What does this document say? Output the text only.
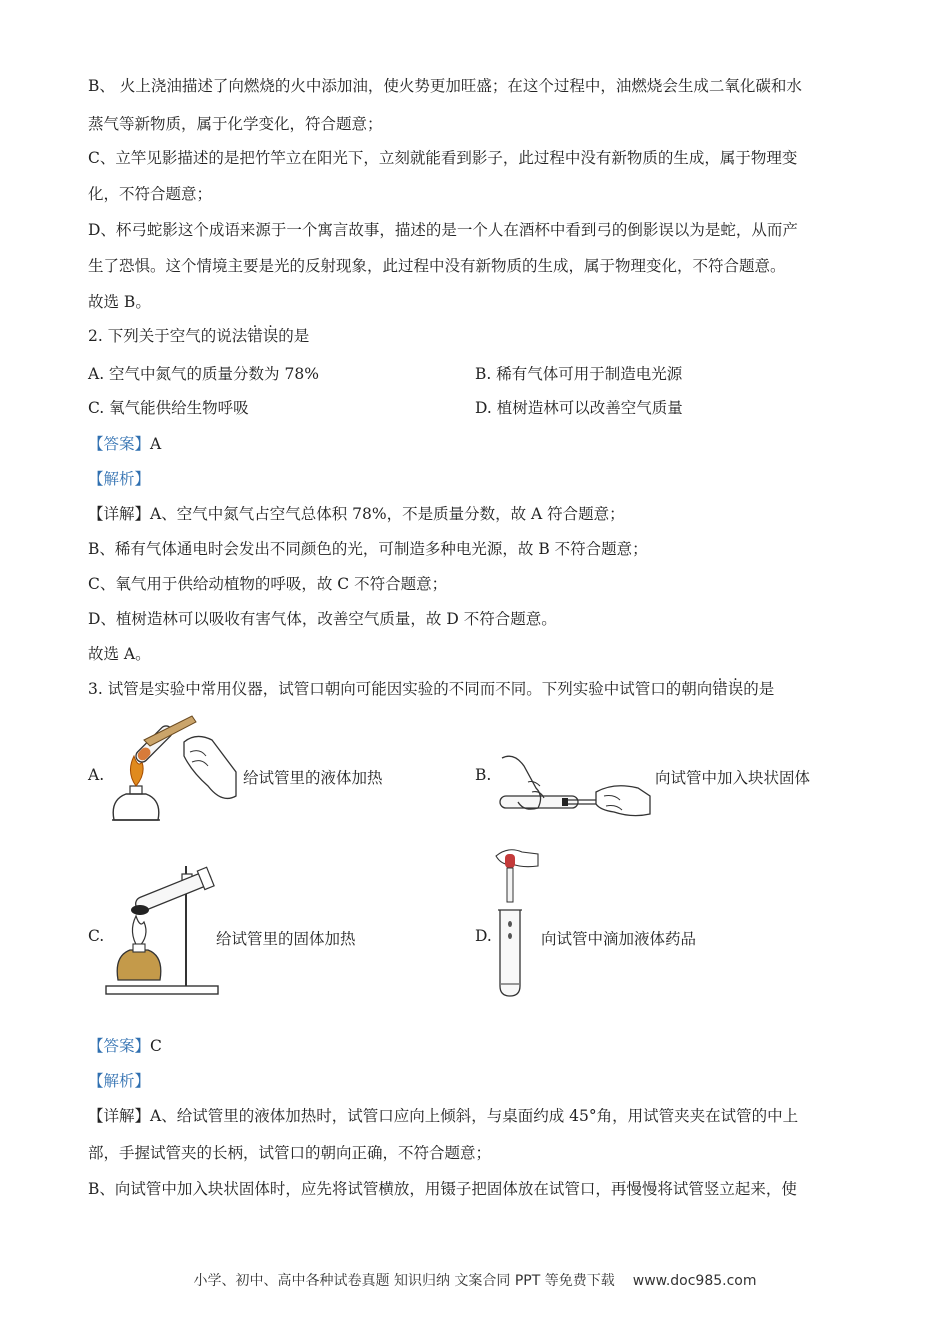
B、 火上浇油描述了向燃烧的火中添加油，使火势更加旺盛；在这个过程中，油燃烧会生成二氧化碳和水
蒸气等新物质，属于化学变化，符合题意；
C、立竿见影描述的是把竹竿立在阳光下，立刻就能看到影子，此过程中没有新物质的生成，属于物理变
化，不符合题意；
D、杯弓蛇影这个成语来源于一个寓言故事，描述的是一个人在酒杯中看到弓的倒影误以为是蛇，从而产
生了恐惧。这个情境主要是光的反射现象，此过程中没有新物质的生成，属于物理变化，不符合题意。
故选 B。
2. 下列关于空气的说法错误的是
A. 空气中氮气的质量分数为 78%	B. 稀有气体可用于制造电光源
C. 氧气能供给生物呼吸	D. 植树造林可以改善空气质量
【答案】A
【解析】
【详解】A、空气中氮气占空气总体积 78%，不是质量分数，故 A 符合题意；
B、稀有气体通电时会发出不同颜色的光，可制造多种电光源，故 B 不符合题意；
C、氧气用于供给动植物的呼吸，故 C 不符合题意；
D、植树造林可以吸收有害气体，改善空气质量，故 D 不符合题意。
故选 A。
3. 试管是实验中常用仪器，试管口朝向可能因实验的不同而不同。下列实验中试管口的朝向错误的是
A.	给试管里的液体加热	B.	向试管中加入块状固体
C.	给试管里的固体加热	D.	向试管中滴加液体药品
【答案】C
【解析】
【详解】A、给试管里的液体加热时，试管口应向上倾斜，与桌面约成 45°角，用试管夹夹在试管的中上
部，手握试管夹的长柄，试管口的朝向正确，不符合题意；
B、向试管中加入块状固体时，应先将试管横放，用镊子把固体放在试管口，再慢慢将试管竖立起来，使
小学、初中、高中各种试卷真题 知识归纳 文案合同 PPT 等免费下载 www.doc985.com
